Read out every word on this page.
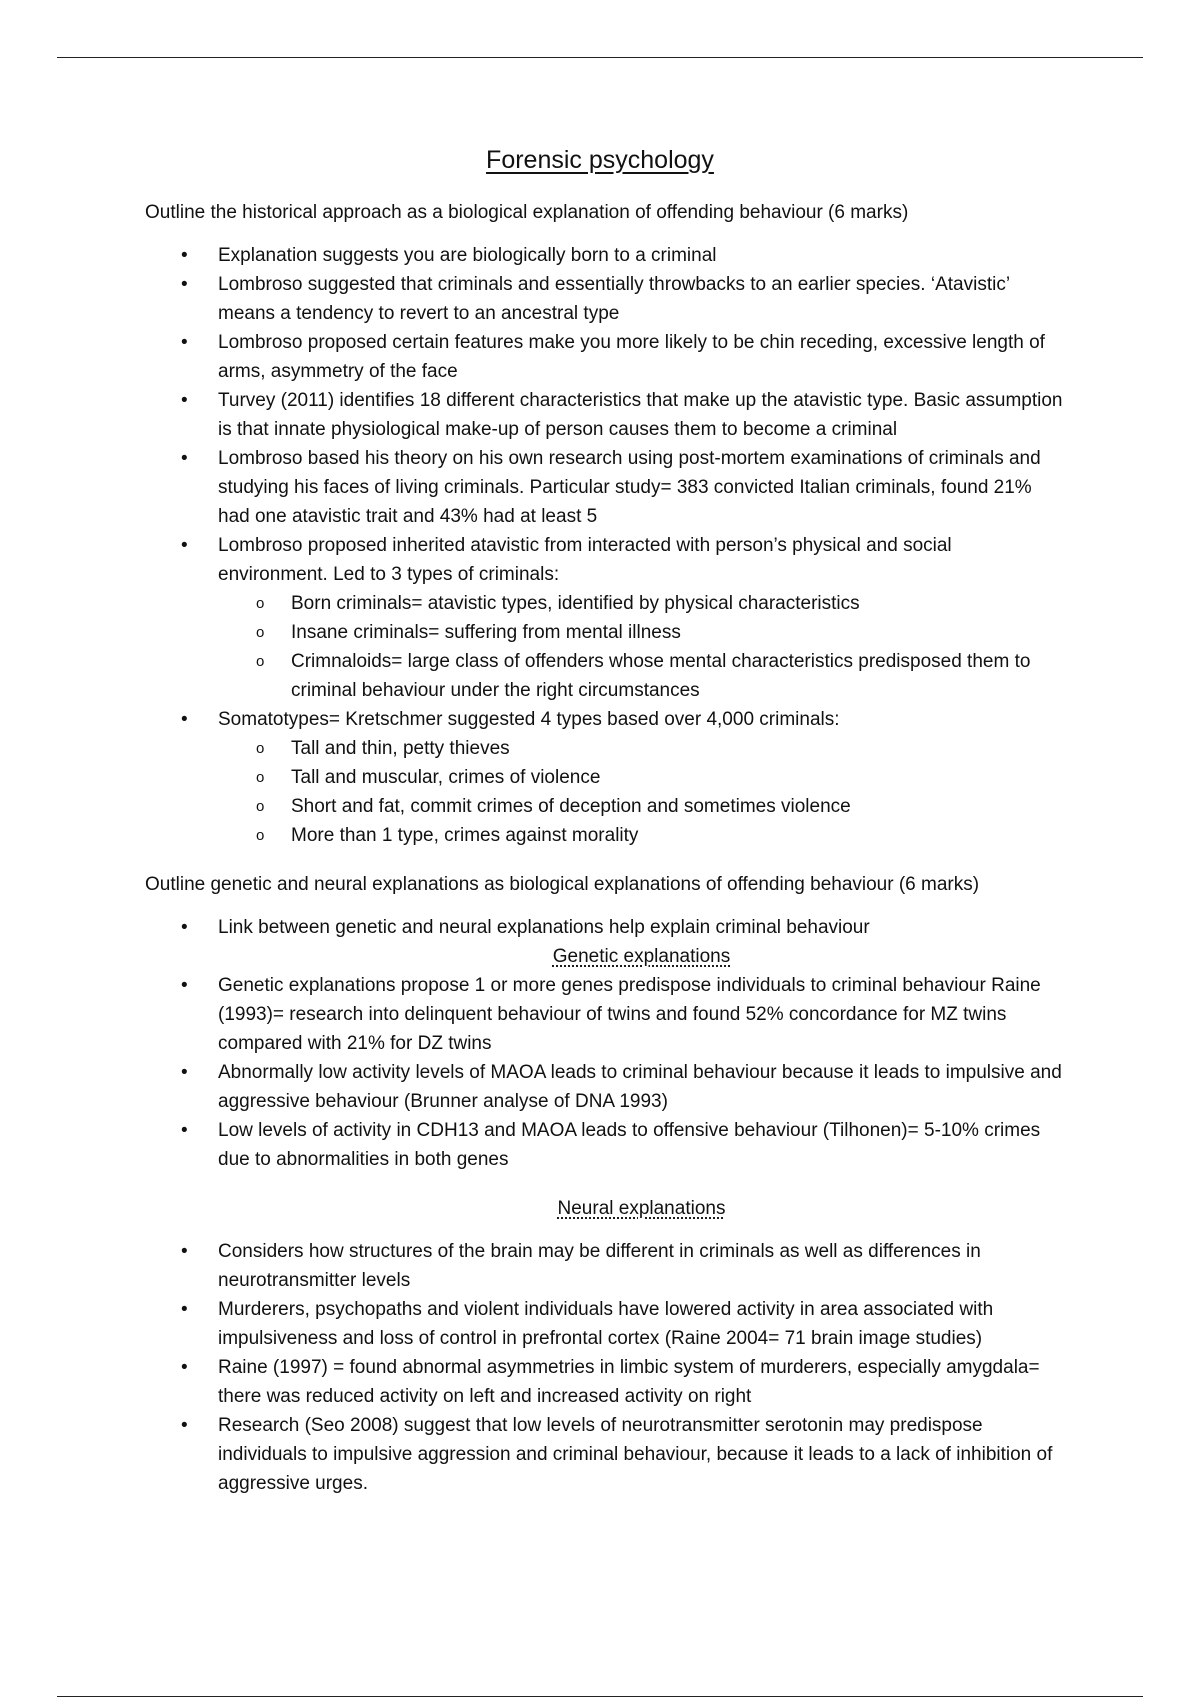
Forensic psychology

Outline the historical approach as a biological explanation of offending behaviour (6 marks)

• Explanation suggests you are biologically born to a criminal
• Lombroso suggested that criminals and essentially throwbacks to an earlier species. ‘Atavistic’ means a tendency to revert to an ancestral type
• Lombroso proposed certain features make you more likely to be chin receding, excessive length of arms, asymmetry of the face
• Turvey (2011) identifies 18 different characteristics that make up the atavistic type. Basic assumption is that innate physiological make-up of person causes them to become a criminal
• Lombroso based his theory on his own research using post-mortem examinations of criminals and studying his faces of living criminals. Particular study= 383 convicted Italian criminals, found 21% had one atavistic trait and 43% had at least 5
• Lombroso proposed inherited atavistic from interacted with person’s physical and social environment. Led to 3 types of criminals:
o Born criminals= atavistic types, identified by physical characteristics
o Insane criminals= suffering from mental illness
o Crimnaloids= large class of offenders whose mental characteristics predisposed them to criminal behaviour under the right circumstances
• Somatotypes= Kretschmer suggested 4 types based over 4,000 criminals:
o Tall and thin, petty thieves
o Tall and muscular, crimes of violence
o Short and fat, commit crimes of deception and sometimes violence
o More than 1 type, crimes against morality

Outline genetic and neural explanations as biological explanations of offending behaviour (6 marks)

• Link between genetic and neural explanations help explain criminal behaviour
Genetic explanations
• Genetic explanations propose 1 or more genes predispose individuals to criminal behaviour Raine (1993)= research into delinquent behaviour of twins and found 52% concordance for MZ twins compared with 21% for DZ twins
• Abnormally low activity levels of MAOA leads to criminal behaviour because it leads to impulsive and aggressive behaviour (Brunner analyse of DNA 1993)
• Low levels of activity in CDH13 and MAOA leads to offensive behaviour (Tilhonen)= 5-10% crimes due to abnormalities in both genes
Neural explanations
• Considers how structures of the brain may be different in criminals as well as differences in neurotransmitter levels
• Murderers, psychopaths and violent individuals have lowered activity in area associated with impulsiveness and loss of control in prefrontal cortex (Raine 2004= 71 brain image studies)
• Raine (1997) = found abnormal asymmetries in limbic system of murderers, especially amygdala= there was reduced activity on left and increased activity on right
• Research (Seo 2008) suggest that low levels of neurotransmitter serotonin may predispose individuals to impulsive aggression and criminal behaviour, because it leads to a lack of inhibition of aggressive urges.
